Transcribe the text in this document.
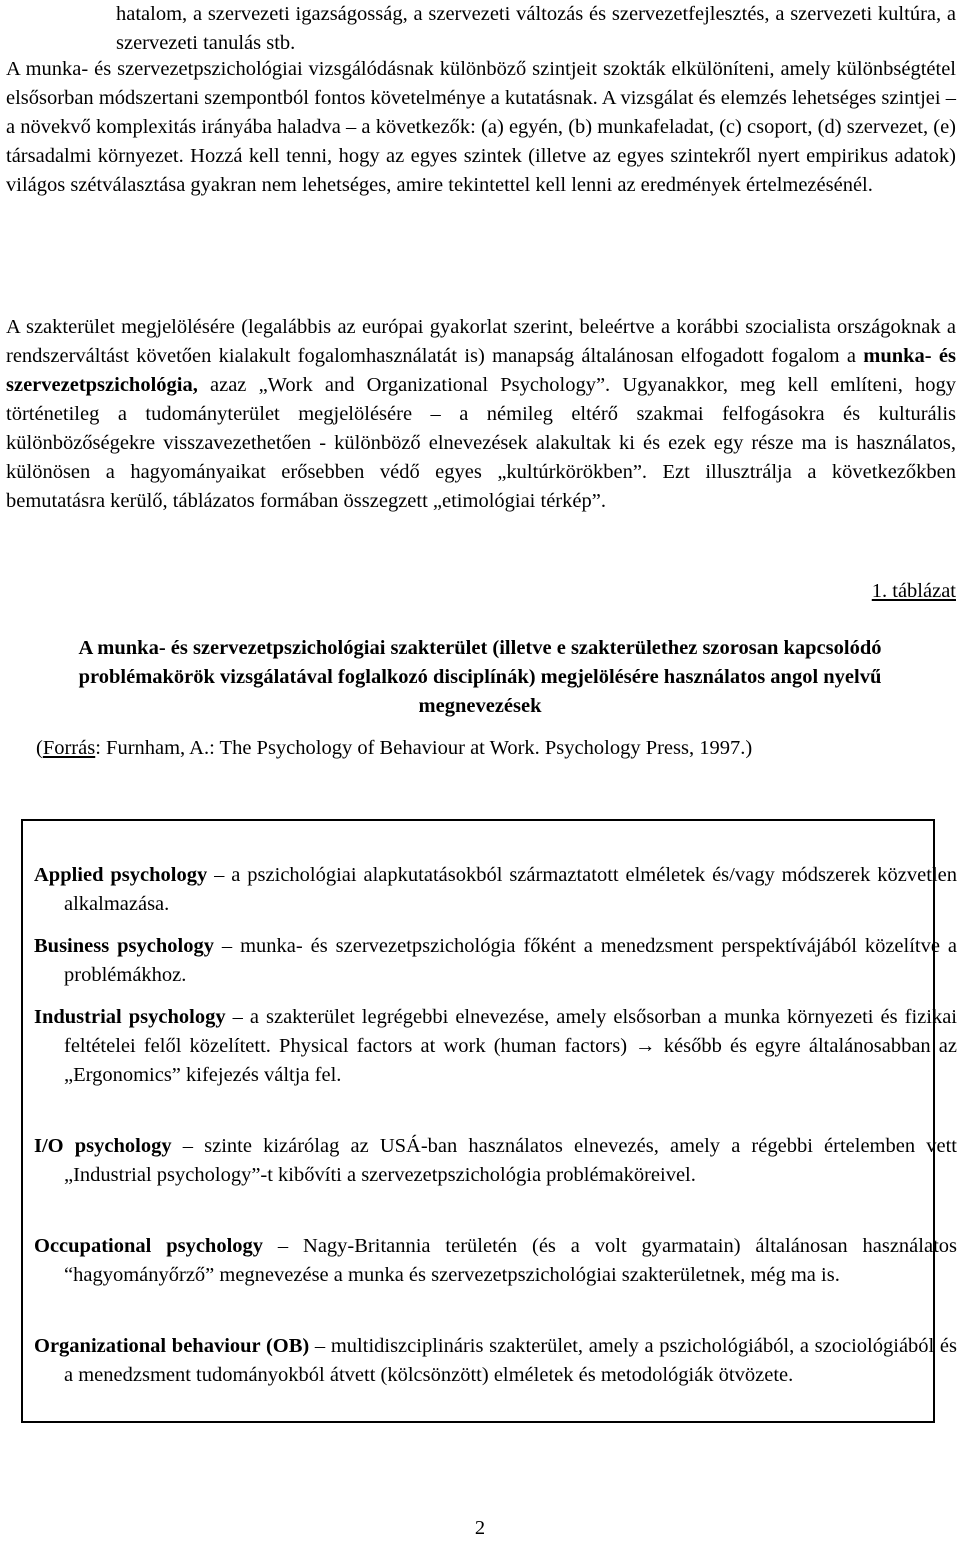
hatalom, a szervezeti igazságosság, a szervezeti változás és szervezetfejlesztés, a szervezeti kultúra, a szervezeti tanulás stb.

A munka- és szervezetpszichológiai vizsgálódásnak különböző szintjeit szokták elkülöníteni, amely különbségtétel elsősorban módszertani szempontból fontos követelménye a kutatásnak. A vizsgálat és elemzés lehetséges szintjei – a növekvő komplexitás irányába haladva – a következők: (a) egyén, (b) munkafeladat, (c) csoport, (d) szervezet, (e) társadalmi környezet. Hozzá kell tenni, hogy az egyes szintek (illetve az egyes szintekről nyert empirikus adatok) világos szétválasztása gyakran nem lehetséges, amire tekintettel kell lenni az eredmények értelmezésénél.

A szakterület megjelölésére (legalábbis az európai gyakorlat szerint, beleértve a korábbi szocialista országoknak a rendszerváltást követően kialakult fogalomhasználatát is) manapság általánosan elfogadott fogalom a munka- és szervezetpszichológia, azaz „Work and Organizational Psychology”. Ugyanakkor, meg kell említeni, hogy történetileg a tudományterület megjelölésére – a némileg eltérő szakmai felfogásokra és kulturális különbözőségekre visszavezethetően - különböző elnevezések alakultak ki és ezek egy része ma is használatos, különösen a hagyományaikat erősebben védő egyes „kultúrkörökben”. Ezt illusztrálja a következőkben bemutatásra kerülő, táblázatos formában összegzett „etimológiai térkép”.

1. táblázat
A munka- és szervezetpszichológiai szakterület (illetve e szakterülethez szorosan kapcsolódó problémakörök vizsgálatával foglalkozó disciplínák) megjelölésére használatos angol nyelvű megnevezések
(Forrás: Furnham, A.: The Psychology of Behaviour at Work. Psychology Press, 1997.)

Applied psychology – a pszichológiai alapkutatásokból származtatott elméletek és/vagy módszerek közvetlen alkalmazása.

Business psychology – munka- és szervezetpszichológia főként a menedzsment perspektívájából közelítve a problémákhoz.

Industrial psychology – a szakterület legrégebbi elnevezése, amely elsősorban a munka környezeti és fizikai feltételei felől közelített. Physical factors at work (human factors) → később és egyre általánosabban az „Ergonomics” kifejezés váltja fel.

I/O psychology – szinte kizárólag az USÁ-ban használatos elnevezés, amely a régebbi értelemben vett „Industrial psychology”-t kibővíti a szervezetpszichológia problémaköreivel.

Occupational psychology – Nagy-Britannia területén (és a volt gyarmatain) általánosan használatos “hagyományőrző” megnevezése a munka és szervezetpszichológiai szakterületnek, még ma is.

Organizational behaviour (OB) – multidiszciplináris szakterület, amely a pszichológiából, a szociológiából és a menedzsment tudományokból átvett (kölcsönzött) elméletek és metodológiák ötvözete.

2
